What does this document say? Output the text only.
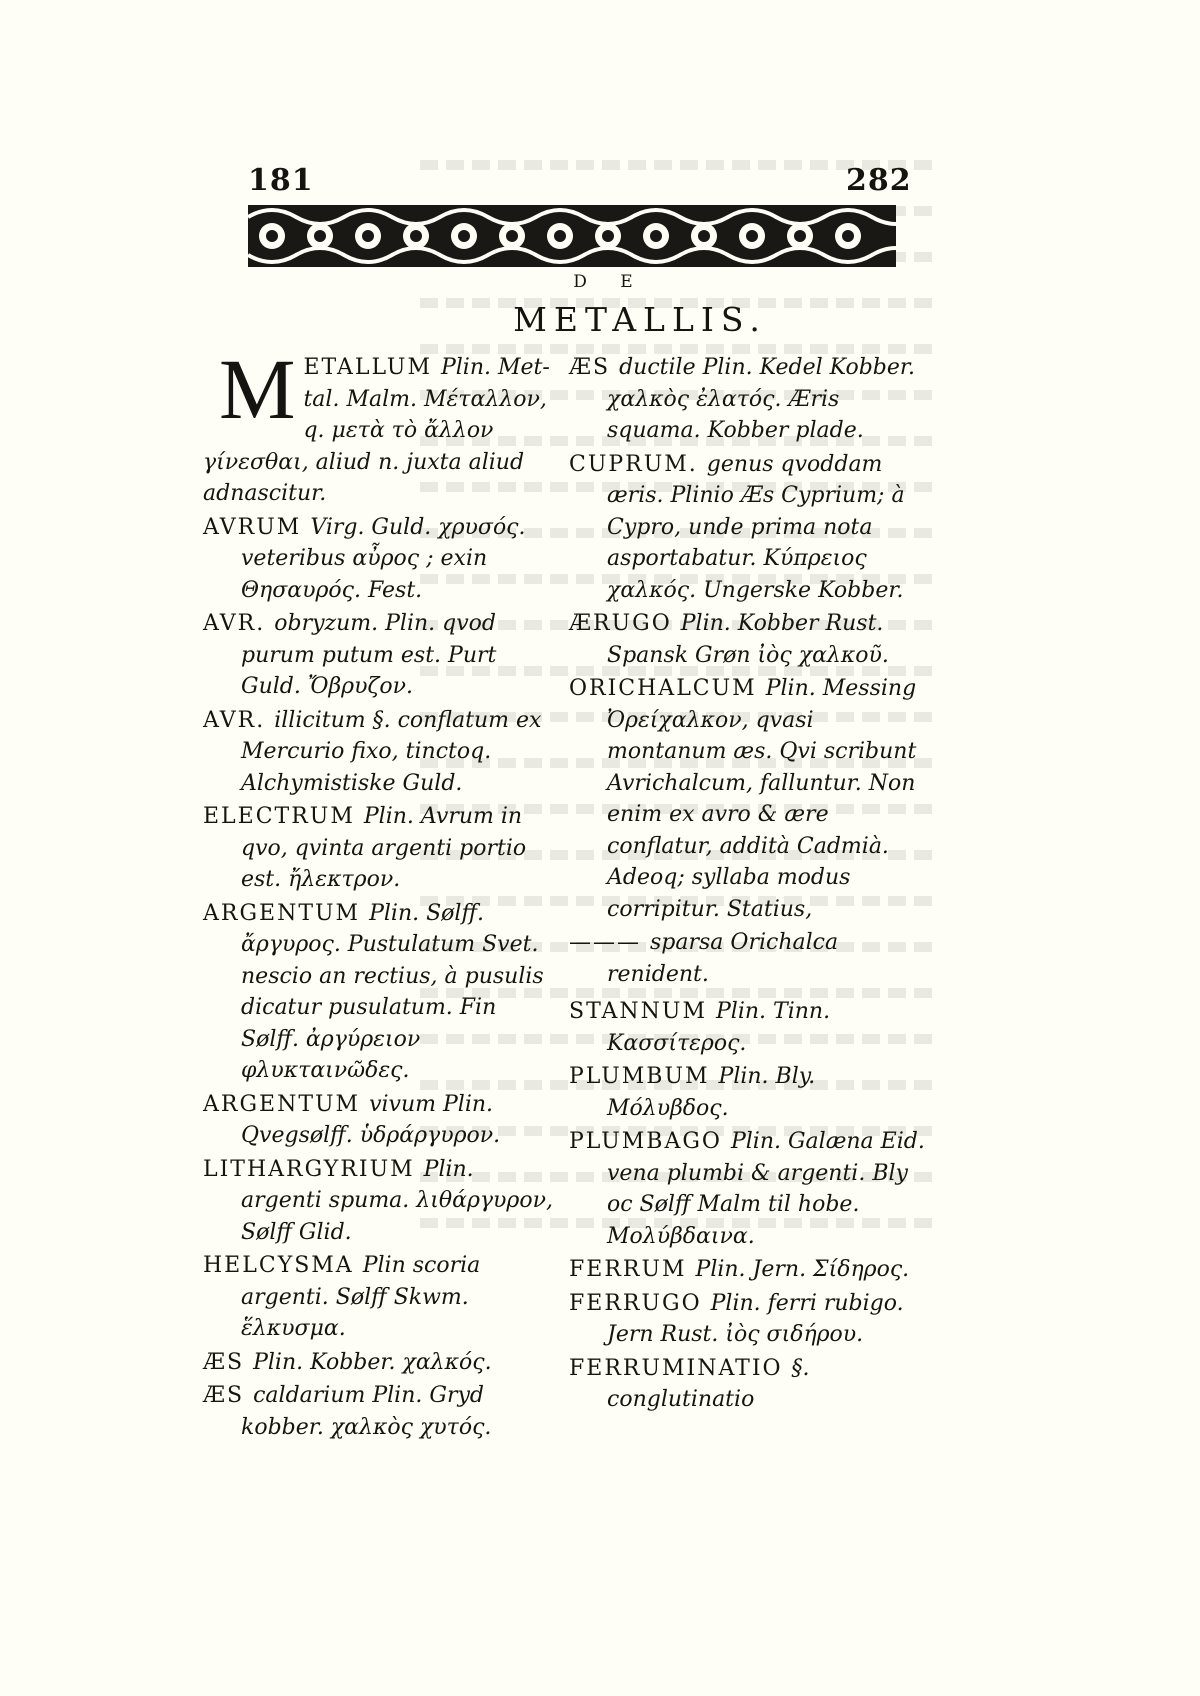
181	282
D E
METALLIS.

M ETALLUM Plin. Met- tal. Malm. Μέταλλον, q. μετὰ τὸ ἄλλον γίνεσθαι, aliud n. juxta aliud adnascitur.

AVRUM Virg. Guld. χρυσός. veteribus αὖρος ; exin Θησαυρός. Fest.

AVR. obryzum. Plin. qvod purum putum est. Purt Guld. Ὄβρυζον.

AVR. illicitum §. conflatum ex Mercurio fixo, tinctoq. Alchymistiske Guld.

ELECTRUM Plin. Avrum in qvo, qvinta argenti portio est. ἤλεκτρον.

ARGENTUM Plin. Sølff. ἄργυρος. Pustulatum Svet. nescio an rectius, à pusulis dicatur pusulatum. Fin Sølff. ἀργύρειον φλυκταινῶδες.

ARGENTUM vivum Plin. Qvegsølff. ὑδράργυρον.

LITHARGYRIUM Plin. argenti spuma. λιθάργυρον, Sølff Glid.

HELCYSMA Plin scoria argenti. Sølff Skwm. ἕλκυσμα.

ÆS Plin. Kobber. χαλκός.

ÆS caldarium Plin. Gryd kobber. χαλκὸς χυτός.

ÆS ductile Plin. Kedel Kobber. χαλκὸς ἐλατός. Æris squama. Kobber plade.

CUPRUM. genus qvoddam æris. Plinio Æs Cyprium; à Cypro, unde prima nota asportabatur. Κύπρειος χαλκός. Ungerske Kobber.

ÆRUGO Plin. Kobber Rust. Spansk Grøn ἰὸς χαλκοῦ.

ORICHALCUM Plin. Messing Ὀρείχαλκον, qvasi montanum æs. Qvi scribunt Avrichalcum, falluntur. Non enim ex avro & ære conflatur, addità Cadmià. Adeoq; syllaba modus corripitur. Statius,

——— sparsa Orichalca renident.

STANNUM Plin. Tinn. Κασσίτερος.

PLUMBUM Plin. Bly. Μόλυβδος.

PLUMBAGO Plin. Galæna Eid. vena plumbi & argenti. Bly oc Sølff Malm til hobe. Μολύβδαινα.

FERRUM Plin. Jern. Σίδηρος.

FERRUGO Plin. ferri rubigo. Jern Rust. ἰὸς σιδήρου.

FERRUMINATIO §. conglutinatio
